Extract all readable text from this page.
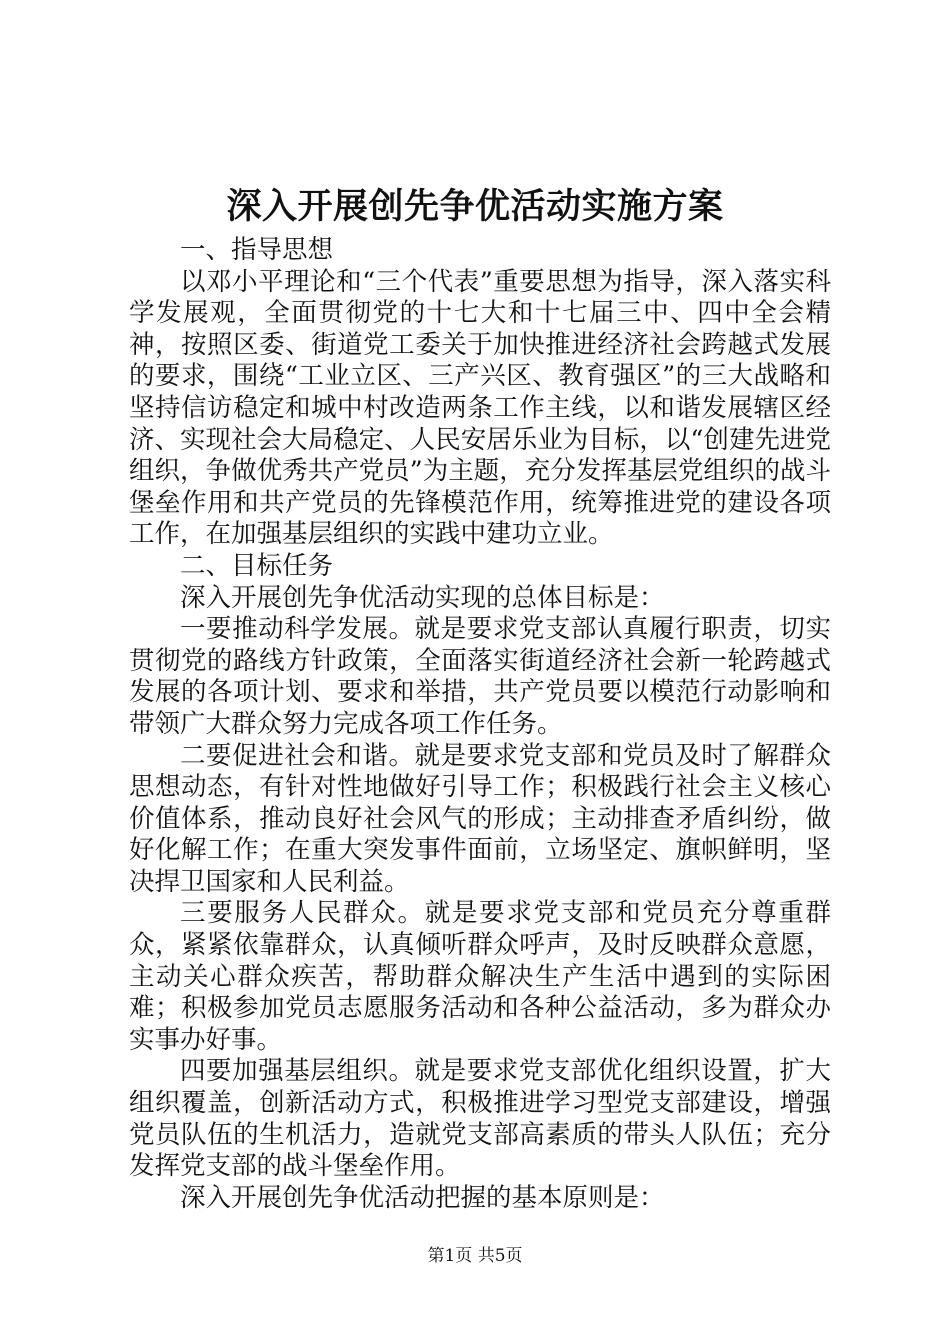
深入开展创先争优活动实施方案

一、指导思想

以邓小平理论和“三个代表”重要思想为指导，深入落实科学发展观，全面贯彻党的十七大和十七届三中、四中全会精神，按照区委、街道党工委关于加快推进经济社会跨越式发展的要求，围绕“工业立区、三产兴区、教育强区”的三大战略和坚持信访稳定和城中村改造两条工作主线，以和谐发展辖区经济、实现社会大局稳定、人民安居乐业为目标，以“创建先进党组织，争做优秀共产党员”为主题，充分发挥基层党组织的战斗堡垒作用和共产党员的先锋模范作用，统筹推进党的建设各项工作，在加强基层组织的实践中建功立业。

二、目标任务

深入开展创先争优活动实现的总体目标是：

一要推动科学发展。就是要求党支部认真履行职责，切实贯彻党的路线方针政策，全面落实街道经济社会新一轮跨越式发展的各项计划、要求和举措，共产党员要以模范行动影响和带领广大群众努力完成各项工作任务。

二要促进社会和谐。就是要求党支部和党员及时了解群众思想动态，有针对性地做好引导工作；积极践行社会主义核心价值体系，推动良好社会风气的形成；主动排查矛盾纠纷，做好化解工作；在重大突发事件面前，立场坚定、旗帜鲜明，坚决捍卫国家和人民利益。

三要服务人民群众。就是要求党支部和党员充分尊重群众，紧紧依靠群众，认真倾听群众呼声，及时反映群众意愿，主动关心群众疾苦，帮助群众解决生产生活中遇到的实际困难；积极参加党员志愿服务活动和各种公益活动，多为群众办实事办好事。

四要加强基层组织。就是要求党支部优化组织设置，扩大组织覆盖，创新活动方式，积极推进学习型党支部建设，增强党员队伍的生机活力，造就党支部高素质的带头人队伍；充分发挥党支部的战斗堡垒作用。

深入开展创先争优活动把握的基本原则是：

第1页 共5页
